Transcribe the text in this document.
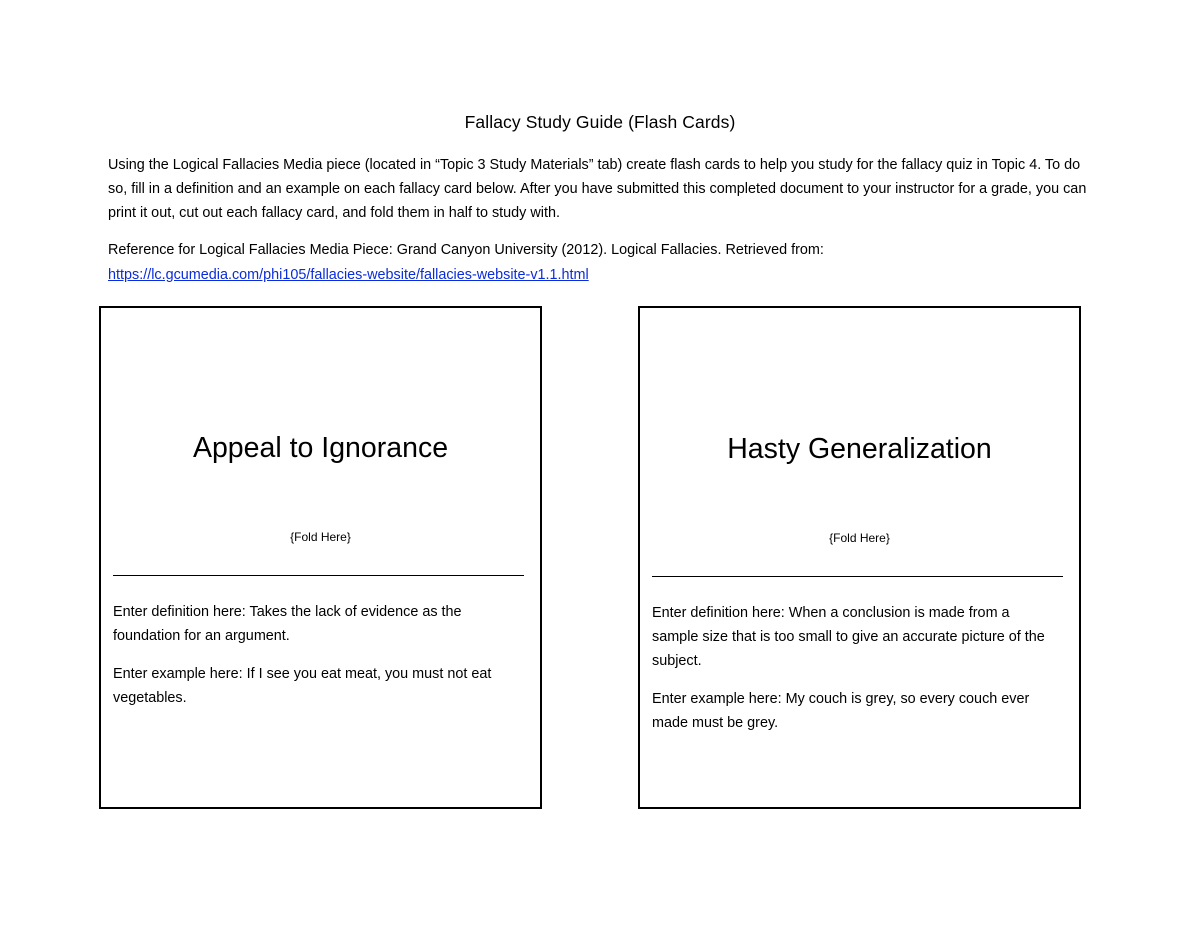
Fallacy Study Guide (Flash Cards)
Using the Logical Fallacies Media piece (located in “Topic 3 Study Materials” tab) create flash cards to help you study for the fallacy quiz in Topic 4. To do so, fill in a definition and an example on each fallacy card below. After you have submitted this completed document to your instructor for a grade, you can print it out, cut out each fallacy card, and fold them in half to study with.
Reference for Logical Fallacies Media Piece: Grand Canyon University (2012). Logical Fallacies. Retrieved from:
https://lc.gcumedia.com/phi105/fallacies-website/fallacies-website-v1.1.html
Appeal to Ignorance
{Fold Here}

Enter definition here: Takes the lack of evidence as the foundation for an argument.

Enter example here: If I see you eat meat, you must not eat vegetables.

Hasty Generalization
{Fold Here}

Enter definition here: When a conclusion is made from a sample size that is too small to give an accurate picture of the subject.

Enter example here: My couch is grey, so every couch ever made must be grey.
